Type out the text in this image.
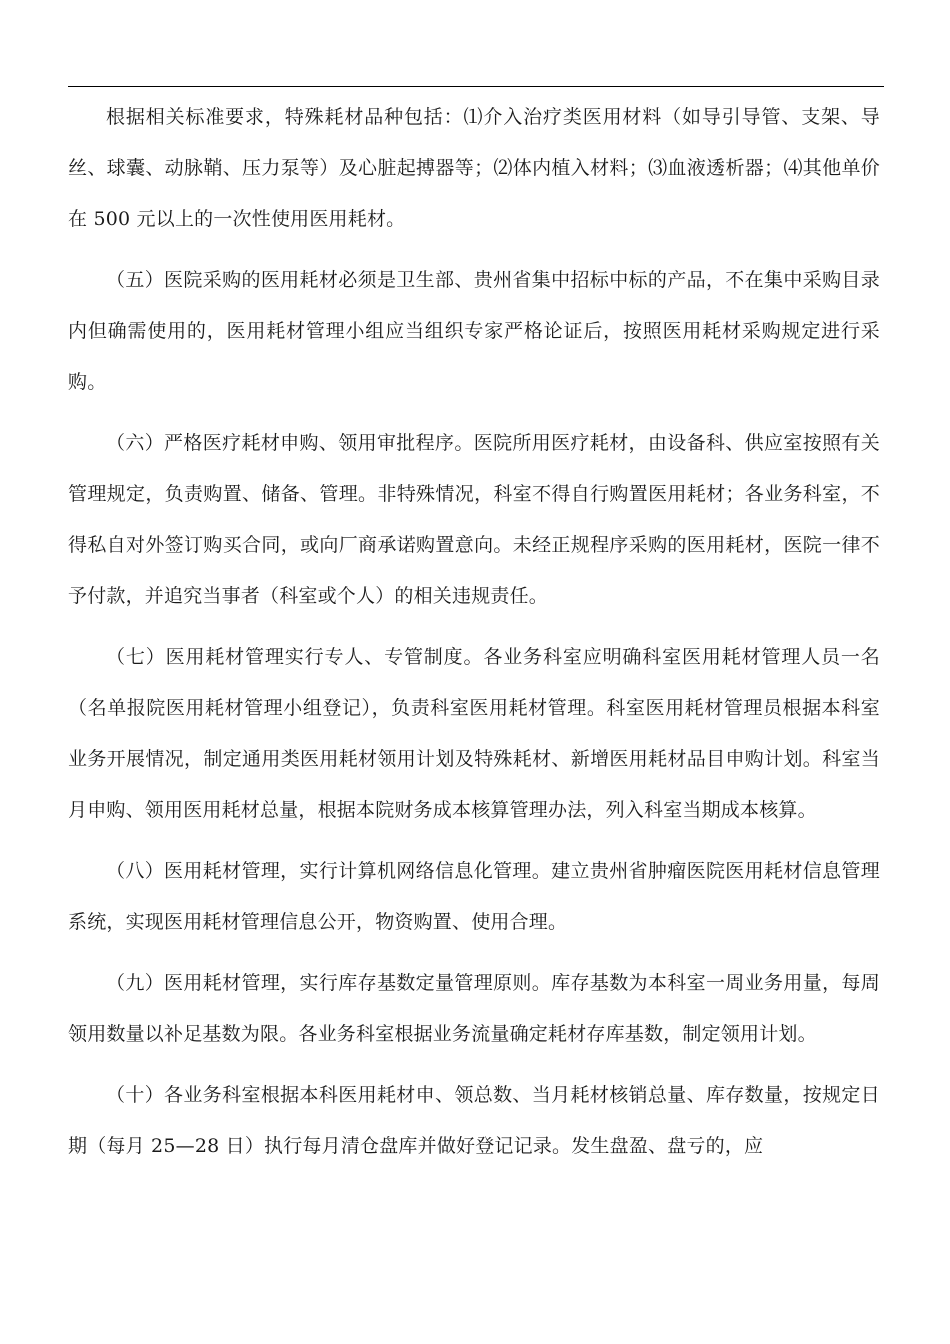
根据相关标准要求，特殊耗材品种包括：⑴介入治疗类医用材料（如导引导管、支架、导丝、球囊、动脉鞘、压力泵等）及心脏起搏器等；⑵体内植入材料；⑶血液透析器；⑷其他单价在 500 元以上的一次性使用医用耗材。

（五）医院采购的医用耗材必须是卫生部、贵州省集中招标中标的产品，不在集中采购目录内但确需使用的，医用耗材管理小组应当组织专家严格论证后，按照医用耗材采购规定进行采购。

（六）严格医疗耗材申购、领用审批程序。医院所用医疗耗材，由设备科、供应室按照有关管理规定，负责购置、储备、管理。非特殊情况，科室不得自行购置医用耗材；各业务科室，不得私自对外签订购买合同，或向厂商承诺购置意向。未经正规程序采购的医用耗材，医院一律不予付款，并追究当事者（科室或个人）的相关违规责任。

（七）医用耗材管理实行专人、专管制度。各业务科室应明确科室医用耗材管理人员一名（名单报院医用耗材管理小组登记），负责科室医用耗材管理。科室医用耗材管理员根据本科室业务开展情况，制定通用类医用耗材领用计划及特殊耗材、新增医用耗材品目申购计划。科室当月申购、领用医用耗材总量，根据本院财务成本核算管理办法，列入科室当期成本核算。

（八）医用耗材管理，实行计算机网络信息化管理。建立贵州省肿瘤医院医用耗材信息管理系统，实现医用耗材管理信息公开，物资购置、使用合理。

（九）医用耗材管理，实行库存基数定量管理原则。库存基数为本科室一周业务用量，每周领用数量以补足基数为限。各业务科室根据业务流量确定耗材存库基数，制定领用计划。

（十）各业务科室根据本科医用耗材申、领总数、当月耗材核销总量、库存数量，按规定日期（每月 25—28 日）执行每月清仓盘库并做好登记记录。发生盘盈、盘亏的，应
